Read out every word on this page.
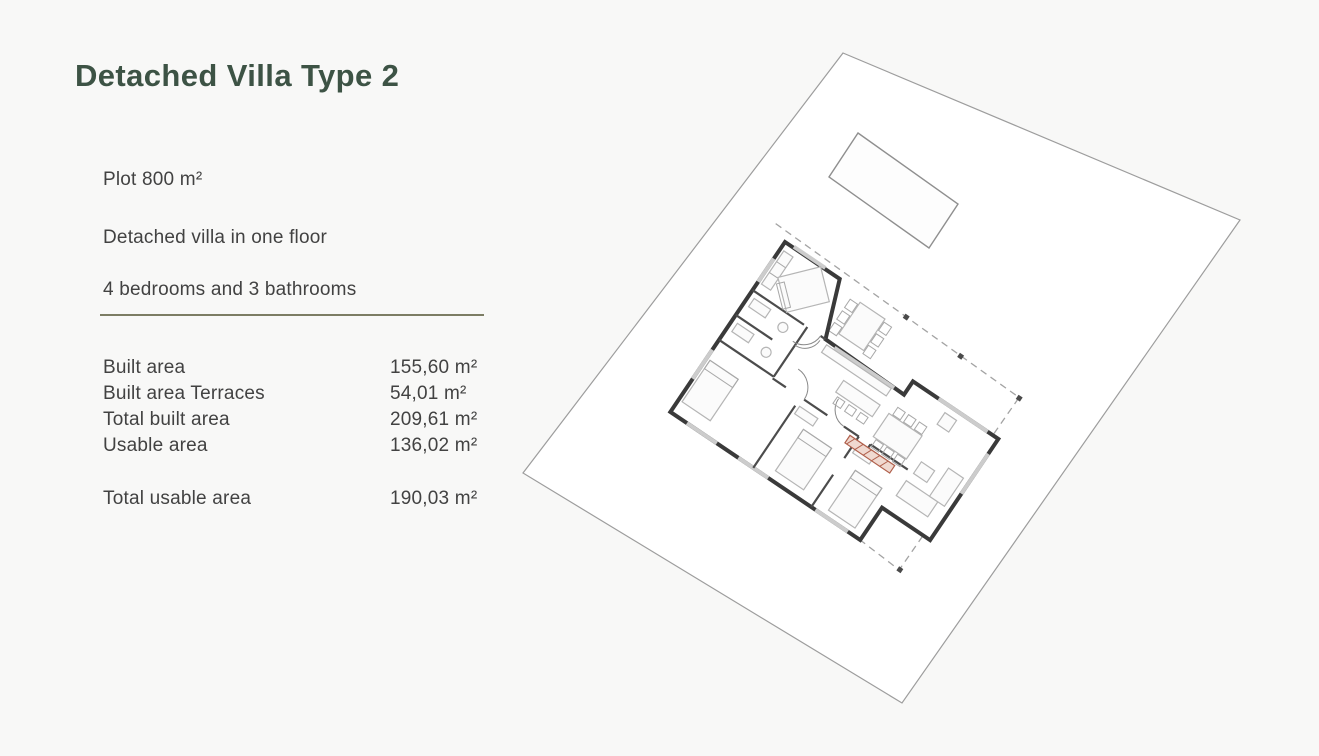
Detached Villa Type 2
Plot 800 m²
Detached villa in one floor
4 bedrooms and 3 bathrooms
Built area	155,60 m²
Built area Terraces	54,01 m²
Total built area	209,61 m²
Usable area	136,02 m²
Total usable area	190,03 m²
